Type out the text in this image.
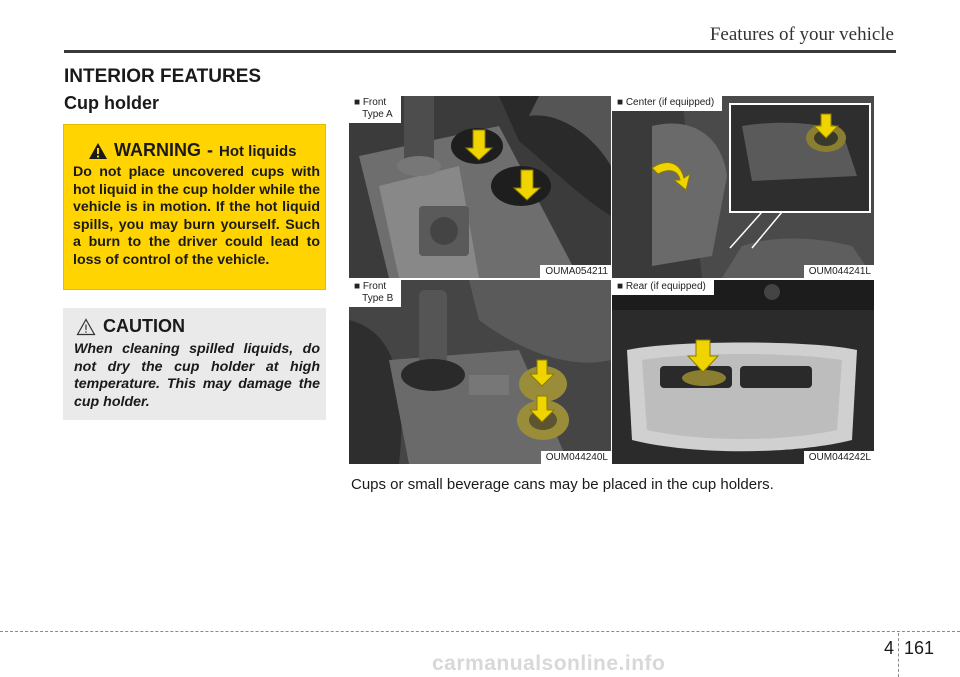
Features of your vehicle
INTERIOR FEATURES
Cup holder
WARNING - Hot liquids
Do not place uncovered cups with hot liquid in the cup holder while the vehicle is in motion. If the hot liquid spills, you may burn yourself. Such a burn to the driver could lead to loss of control of the vehicle.
CAUTION
When cleaning spilled liquids, do not dry the cup holder at high temperature. This may damage the cup holder.
■ Front
Type A
OUMA054211
■ Center (if equipped)
OUM044241L
■ Front
Type B
OUM044240L
■ Rear (if equipped)
OUM044242L
Cups or small beverage cans may be placed in the cup holders.
4 161
carmanualsonline.info
